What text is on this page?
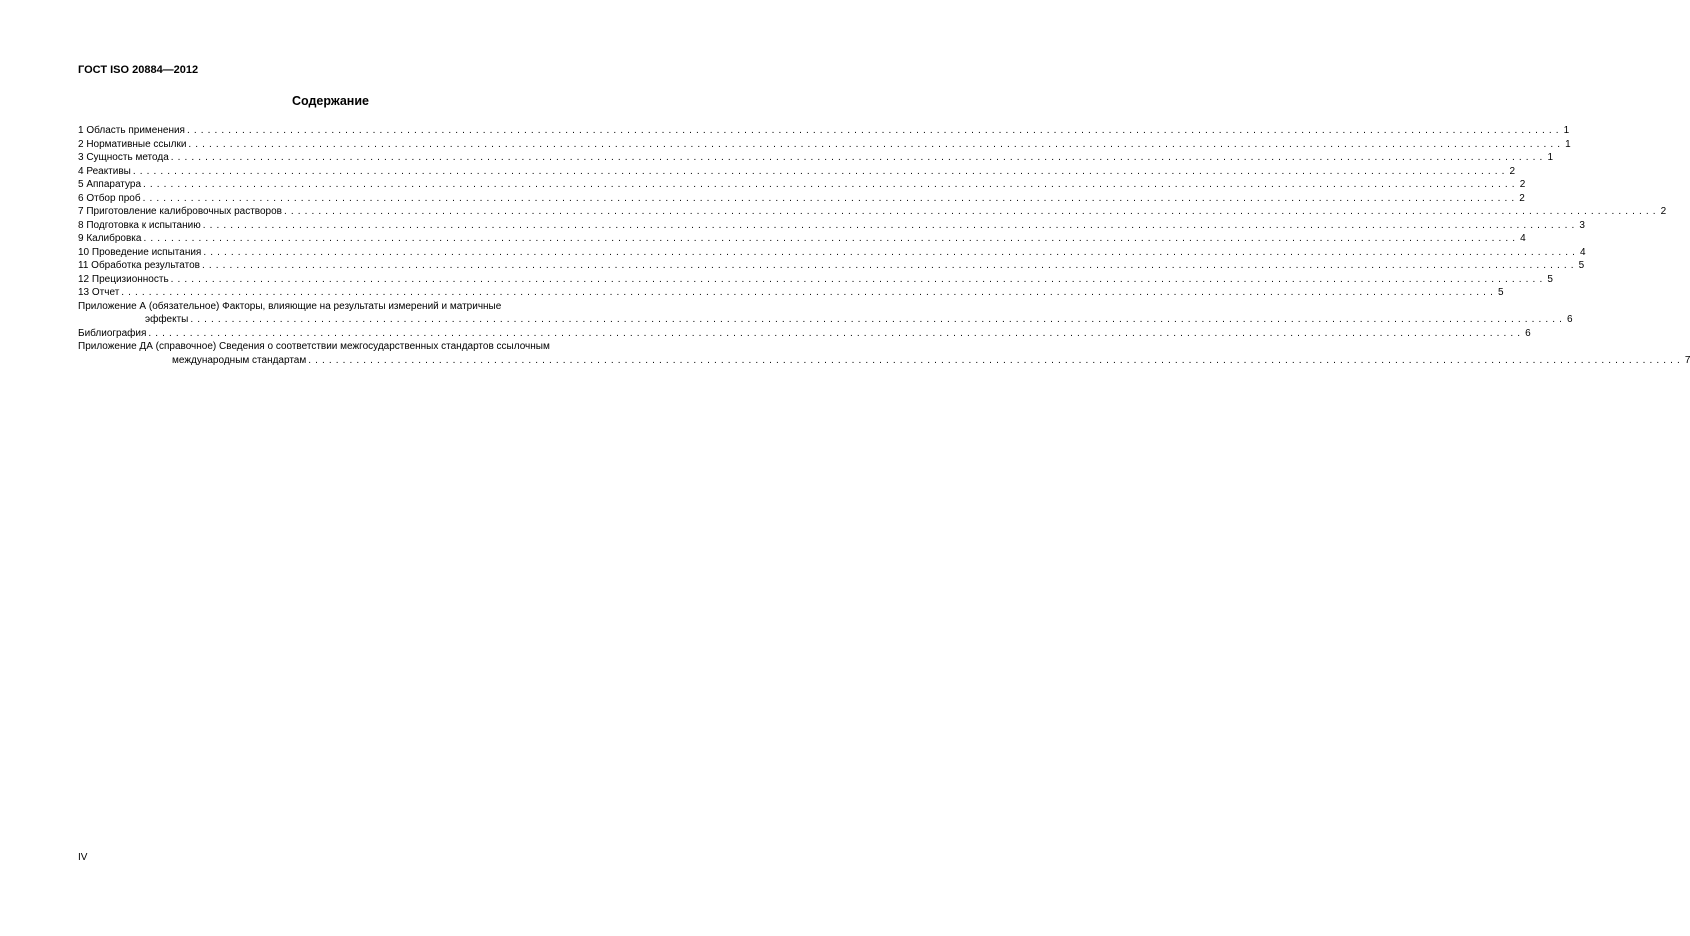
ГОСТ ISO 20884—2012
Содержание
1 Область применения ........................................................................................................................................................................................................ 1
2 Нормативные ссылки ........................................................................................................................................................................................................ 1
3 Сущность метода ........................................................................................................................................................................................................ 1
4 Реактивы ........................................................................................................................................................................................................ 2
5 Аппаратура ........................................................................................................................................................................................................ 2
6 Отбор проб ........................................................................................................................................................................................................ 2
7 Приготовление калибровочных растворов ........................................................................................................................................................................................................ 2
8 Подготовка к испытанию ........................................................................................................................................................................................................ 3
9 Калибровка ........................................................................................................................................................................................................ 4
10 Проведение испытания ........................................................................................................................................................................................................ 4
11 Обработка результатов ........................................................................................................................................................................................................ 5
12 Прецизионность ........................................................................................................................................................................................................ 5
13 Отчет ........................................................................................................................................................................................................ 5
Приложение А (обязательное) Факторы, влияющие на результаты измерений и матричные
эффекты ........................................................................................................................................................................................................ 6
Библиография ........................................................................................................................................................................................................ 6
Приложение ДА (справочное) Сведения о соответствии межгосударственных стандартов ссылочным
международным стандартам ........................................................................................................................................................................................................ 7
IV
